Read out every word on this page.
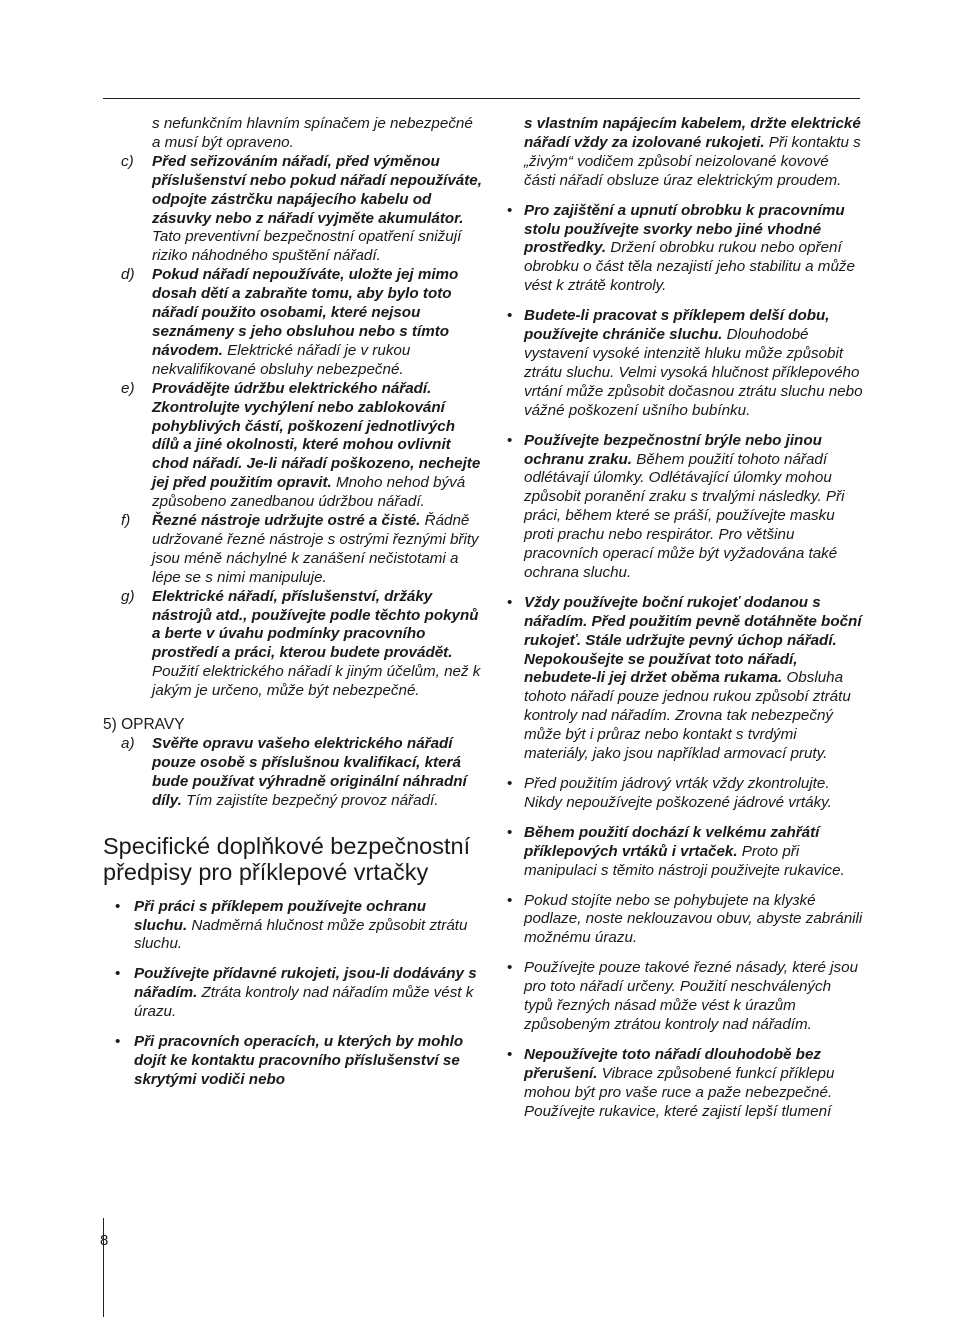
s nefunkčním hlavním spínačem je nebezpečné a musí být opraveno.

c) Před seřizováním nářadí, před výměnou příslušenství nebo pokud nářadí nepoužíváte, odpojte zástrčku napájecího kabelu od zásuvky nebo z nářadí vyjměte akumulátor. Tato preventivní bezpečnostní opatření snižují riziko náhodného spuštění nářadí.

d) Pokud nářadí nepoužíváte, uložte jej mimo dosah dětí a zabraňte tomu, aby bylo toto nářadí použito osobami, které nejsou seznámeny s jeho obsluhou nebo s tímto návodem. Elektrické nářadí je v rukou nekvalifikované obsluhy nebezpečné.

e) Provádějte údržbu elektrického nářadí. Zkontrolujte vychýlení nebo zablokování pohyblivých částí, poškození jednotlivých dílů a jiné okolnosti, které mohou ovlivnit chod nářadí. Je-li nářadí poškozeno, nechejte jej před použitím opravit. Mnoho nehod bývá způsobeno zanedbanou údržbou nářadí.

f) Řezné nástroje udržujte ostré a čisté. Řádně udržované řezné nástroje s ostrými řeznými břity jsou méně náchylné k zanášení nečistotami a lépe se s nimi manipuluje.

g) Elektrické nářadí, příslušenství, držáky nástrojů atd., používejte podle těchto pokynů a berte v úvahu podmínky pracovního prostředí a práci, kterou budete provádět. Použití elektrického nářadí k jiným účelům, než k jakým je určeno, může být nebezpečné.

5) OPRAVY

a) Svěřte opravu vašeho elektrického nářadí pouze osobě s příslušnou kvalifikací, která bude používat výhradně originální náhradní díly. Tím zajistíte bezpečný provoz nářadí.

Specifické doplňkové bezpečnostní předpisy pro příklepové vrtačky

• Při práci s příklepem používejte ochranu sluchu. Nadměrná hlučnost může způsobit ztrátu sluchu.

• Používejte přídavné rukojeti, jsou-li dodávány s nářadím. Ztráta kontroly nad nářadím může vést k úrazu.

• Při pracovních operacích, u kterých by mohlo dojít ke kontaktu pracovního příslušenství se skrytými vodiči nebo

s vlastním napájecím kabelem, držte elektrické nářadí vždy za izolované rukojeti. Při kontaktu s „živým“ vodičem způsobí neizolované kovové části nářadí obsluze úraz elektrickým proudem.

• Pro zajištění a upnutí obrobku k pracovnímu stolu používejte svorky nebo jiné vhodné prostředky. Držení obrobku rukou nebo opření obrobku o část těla nezajistí jeho stabilitu a může vést k ztrátě kontroly.

• Budete-li pracovat s příklepem delší dobu, používejte chrániče sluchu. Dlouhodobé vystavení vysoké intenzitě hluku může způsobit ztrátu sluchu. Velmi vysoká hlučnost příklepového vrtání může způsobit dočasnou ztrátu sluchu nebo vážné poškození ušního bubínku.

• Používejte bezpečnostní brýle nebo jinou ochranu zraku. Během použití tohoto nářadí odlétávají úlomky. Odlétávající úlomky mohou způsobit poranění zraku s trvalými následky. Při práci, během které se práší, používejte masku proti prachu nebo respirátor. Pro většinu pracovních operací může být vyžadována také ochrana sluchu.

• Vždy používejte boční rukojeť dodanou s nářadím. Před použitím pevně dotáhněte boční rukojeť. Stále udržujte pevný úchop nářadí. Nepokoušejte se používat toto nářadí, nebudete-li jej držet oběma rukama. Obsluha tohoto nářadí pouze jednou rukou způsobí ztrátu kontroly nad nářadím. Zrovna tak nebezpečný může být i průraz nebo kontakt s tvrdými materiály, jako jsou například armovací pruty.

• Před použitím jádrový vrták vždy zkontrolujte. Nikdy nepoužívejte poškozené jádrové vrtáky.

• Během použití dochází k velkému zahřátí příklepových vrtáků i vrtaček. Proto při manipulaci s těmito nástroji použivejte rukavice.

• Pokud stojíte nebo se pohybujete na klузké podlaze, noste neklouzavou obuv, abyste zabránili možnému úrazu.

• Používejte pouze takové řezné násady, které jsou pro toto nářadí určeny. Použití neschválených typů řezných násad může vést k úrazům způsobeným ztrátou kontroly nad nářadím.

• Nepoužívejte toto nářadí dlouhodobě bez přerušení. Vibrace způsobené funkcí příklepu mohou být pro vaše ruce a paže nebezpečné. Používejte rukavice, které zajistí lepší tlumení

8
